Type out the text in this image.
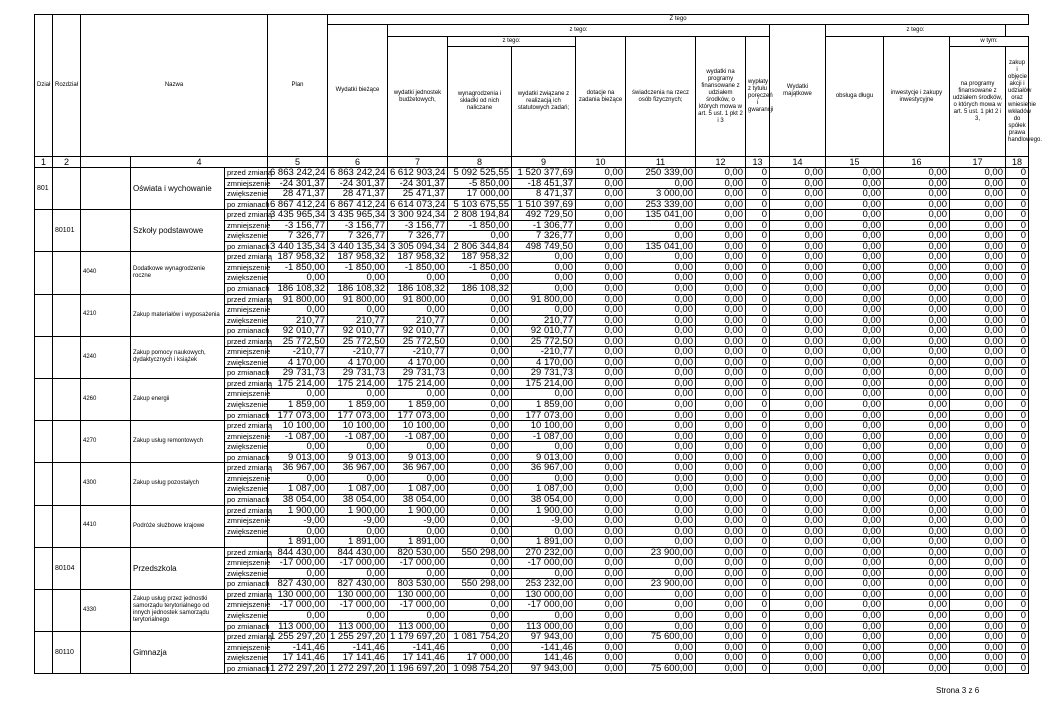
Dział	Rozdział	Nazwa			Plan	Z tego												
						Wydatki bieżące	z tego:							Wydatki majątkowe	z tego:			
							wydatki jednostek budżetowych,	z tego:		dotacje na zadania bieżące	świadczenia na rzecz osób fizycznych;	wydatki na programy finansowane z udziałem środków, o których mowa w art. 5 ust. 1 pkt 2 i 3	wypłaty z tytułu poręczeń i gwarancji		obsługa długu	inwestycje i zakupy inwestycyjne	w tym:	
								wynagrodzenia i składki od nich naliczane	wydatki związane z realizacją ich statutowych zadań;								na programy finansowane z udziałem środków, o których mowa w art. 5 ust. 1 pkt 2 i 3,	zakup i objęcie akcji i udziałów oraz wniesienie wkładów do spółek prawa handlowego.
1	2		4		5	6	7	8	9	10	11	12	13	14	15	16	17	18
801			Oświata i wychowanie	przed zmianą	6 863 242,24	6 863 242,24	6 612 903,24	5 092 525,55	1 520 377,69	0,00	250 339,00	0,00	0	0,00	0,00	0,00	0,00	0
				zmniejszenie	-24 301,37	-24 301,37	-24 301,37	-5 850,00	-18 451,37	0,00	0,00	0,00	0	0,00	0,00	0,00	0,00	0
				zwiększenie	28 471,37	28 471,37	25 471,37	17 000,00	8 471,37	0,00	3 000,00	0,00	0	0,00	0,00	0,00	0,00	0
				po zmianach	6 867 412,24	6 867 412,24	6 614 073,24	5 103 675,55	1 510 397,69	0,00	253 339,00	0,00	0	0,00	0,00	0,00	0,00	0
	80101		Szkoły podstawowe	przed zmianą	3 435 965,34	3 435 965,34	3 300 924,34	2 808 194,84	492 729,50	0,00	135 041,00	0,00	0	0,00	0,00	0,00	0,00	0
				zmniejszenie	-3 156,77	-3 156,77	-3 156,77	-1 850,00	-1 306,77	0,00	0,00	0,00	0	0,00	0,00	0,00	0,00	0
				zwiększenie	7 326,77	7 326,77	7 326,77	0,00	7 326,77	0,00	0,00	0,00	0	0,00	0,00	0,00	0,00	0
				po zmianach	3 440 135,34	3 440 135,34	3 305 094,34	2 806 344,84	498 749,50	0,00	135 041,00	0,00	0	0,00	0,00	0,00	0,00	0
		4040	Dodatkowe wynagrodzenie roczne	przed zmianą	187 958,32	187 958,32	187 958,32	187 958,32	0,00	0,00	0,00	0,00	0	0,00	0,00	0,00	0,00	0
				zmniejszenie	-1 850,00	-1 850,00	-1 850,00	-1 850,00	0,00	0,00	0,00	0,00	0	0,00	0,00	0,00	0,00	0
				zwiększenie	0,00	0,00	0,00	0,00	0,00	0,00	0,00	0,00	0	0,00	0,00	0,00	0,00	0
				po zmianach	186 108,32	186 108,32	186 108,32	186 108,32	0,00	0,00	0,00	0,00	0	0,00	0,00	0,00	0,00	0
		4210	Zakup materiałów i wyposażenia	przed zmianą	91 800,00	91 800,00	91 800,00	0,00	91 800,00	0,00	0,00	0,00	0	0,00	0,00	0,00	0,00	0
				zmniejszenie	0,00	0,00	0,00	0,00	0,00	0,00	0,00	0,00	0	0,00	0,00	0,00	0,00	0
				zwiększenie	210,77	210,77	210,77	0,00	210,77	0,00	0,00	0,00	0	0,00	0,00	0,00	0,00	0
				po zmianach	92 010,77	92 010,77	92 010,77	0,00	92 010,77	0,00	0,00	0,00	0	0,00	0,00	0,00	0,00	0
		4240	Zakup pomocy naukowych, dydaktycznych i książek	przed zmianą	25 772,50	25 772,50	25 772,50	0,00	25 772,50	0,00	0,00	0,00	0	0,00	0,00	0,00	0,00	0
				zmniejszenie	-210,77	-210,77	-210,77	0,00	-210,77	0,00	0,00	0,00	0	0,00	0,00	0,00	0,00	0
				zwiększenie	4 170,00	4 170,00	4 170,00	0,00	4 170,00	0,00	0,00	0,00	0	0,00	0,00	0,00	0,00	0
				po zmianach	29 731,73	29 731,73	29 731,73	0,00	29 731,73	0,00	0,00	0,00	0	0,00	0,00	0,00	0,00	0
		4260	Zakup energii	przed zmianą	175 214,00	175 214,00	175 214,00	0,00	175 214,00	0,00	0,00	0,00	0	0,00	0,00	0,00	0,00	0
				zmniejszenie	0,00	0,00	0,00	0,00	0,00	0,00	0,00	0,00	0	0,00	0,00	0,00	0,00	0
				zwiększenie	1 859,00	1 859,00	1 859,00	0,00	1 859,00	0,00	0,00	0,00	0	0,00	0,00	0,00	0,00	0
				po zmianach	177 073,00	177 073,00	177 073,00	0,00	177 073,00	0,00	0,00	0,00	0	0,00	0,00	0,00	0,00	0
		4270	Zakup usług remontowych	przed zmianą	10 100,00	10 100,00	10 100,00	0,00	10 100,00	0,00	0,00	0,00	0	0,00	0,00	0,00	0,00	0
				zmniejszenie	-1 087,00	-1 087,00	-1 087,00	0,00	-1 087,00	0,00	0,00	0,00	0	0,00	0,00	0,00	0,00	0
				zwiększenie	0,00	0,00	0,00	0,00	0,00	0,00	0,00	0,00	0	0,00	0,00	0,00	0,00	0
				po zmianach	9 013,00	9 013,00	9 013,00	0,00	9 013,00	0,00	0,00	0,00	0	0,00	0,00	0,00	0,00	0
		4300	Zakup usług pozostałych	przed zmianą	36 967,00	36 967,00	36 967,00	0,00	36 967,00	0,00	0,00	0,00	0	0,00	0,00	0,00	0,00	0
				zmniejszenie	0,00	0,00	0,00	0,00	0,00	0,00	0,00	0,00	0	0,00	0,00	0,00	0,00	0
				zwiększenie	1 087,00	1 087,00	1 087,00	0,00	1 087,00	0,00	0,00	0,00	0	0,00	0,00	0,00	0,00	0
				po zmianach	38 054,00	38 054,00	38 054,00	0,00	38 054,00	0,00	0,00	0,00	0	0,00	0,00	0,00	0,00	0
		4410	Podróże służbowe krajowe	przed zmianą	1 900,00	1 900,00	1 900,00	0,00	1 900,00	0,00	0,00	0,00	0	0,00	0,00	0,00	0,00	0
				zmniejszenie	-9,00	-9,00	-9,00	0,00	-9,00	0,00	0,00	0,00	0	0,00	0,00	0,00	0,00	0
				zwiększenie	0,00	0,00	0,00	0,00	0,00	0,00	0,00	0,00	0	0,00	0,00	0,00	0,00	0
					1 891,00	1 891,00	1 891,00	0,00	1 891,00	0,00	0,00	0,00	0	0,00	0,00	0,00	0,00	0
	80104		Przedszkola	przed zmianą	844 430,00	844 430,00	820 530,00	550 298,00	270 232,00	0,00	23 900,00	0,00	0	0,00	0,00	0,00	0,00	0
				zmniejszenie	-17 000,00	-17 000,00	-17 000,00	0,00	-17 000,00	0,00	0,00	0,00	0	0,00	0,00	0,00	0,00	0
				zwiększenie	0,00	0,00	0,00	0,00	0,00	0,00	0,00	0,00	0	0,00	0,00	0,00	0,00	0
				po zmianach	827 430,00	827 430,00	803 530,00	550 298,00	253 232,00	0,00	23 900,00	0,00	0	0,00	0,00	0,00	0,00	0
		4330	Zakup usług przez jednostki samorządu terytorialnego od innych jednostek samorządu terytorialnego	przed zmianą	130 000,00	130 000,00	130 000,00	0,00	130 000,00	0,00	0,00	0,00	0	0,00	0,00	0,00	0,00	0
				zmniejszenie	-17 000,00	-17 000,00	-17 000,00	0,00	-17 000,00	0,00	0,00	0,00	0	0,00	0,00	0,00	0,00	0
				zwiększenie	0,00	0,00	0,00	0,00	0,00	0,00	0,00	0,00	0	0,00	0,00	0,00	0,00	0
				po zmianach	113 000,00	113 000,00	113 000,00	0,00	113 000,00	0,00	0,00	0,00	0	0,00	0,00	0,00	0,00	0
	80110		Gimnazja	przed zmianą	1 255 297,20	1 255 297,20	1 179 697,20	1 081 754,20	97 943,00	0,00	75 600,00	0,00	0	0,00	0,00	0,00	0,00	0
				zmniejszenie	-141,46	-141,46	-141,46	0,00	-141,46	0,00	0,00	0,00	0	0,00	0,00	0,00	0,00	0
				zwiększenie	17 141,46	17 141,46	17 141,46	17 000,00	141,46	0,00	0,00	0,00	0	0,00	0,00	0,00	0,00	0
				po zmianach	1 272 297,20	1 272 297,20	1 196 697,20	1 098 754,20	97 943,00	0,00	75 600,00	0,00	0	0,00	0,00	0,00	0,00	0
Strona 3 z 6
